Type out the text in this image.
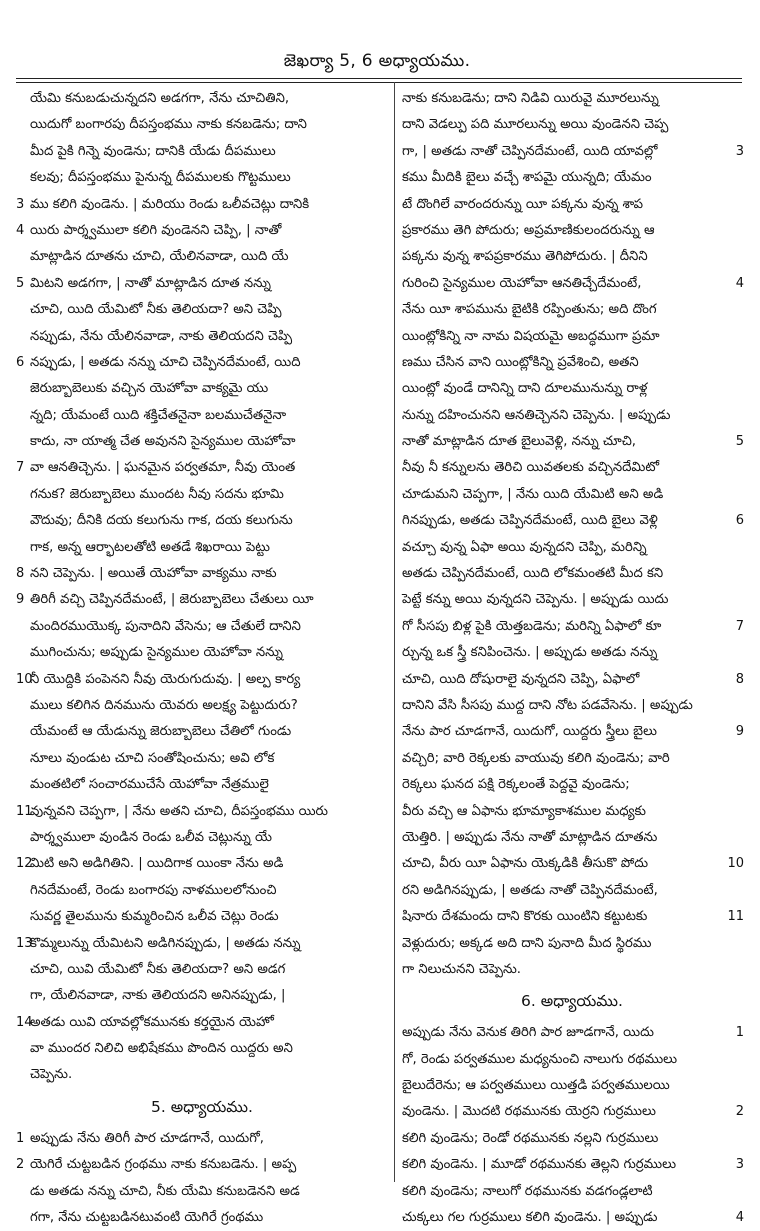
జెఖర్యా 5, 6 అధ్యాయము.
యేమి కనుబడుచున్నదని అడగగా, నేను చూచితిని,
యిదుగో బంగారపు దీపస్తంభము నాకు కనబడెను; దాని
మీద పైకి గిన్నె వుండెను; దానికి యేడు దీపములు
కలవు; దీపస్తంభము పైనున్న దీపములకు గొట్టములు
3 ము కలిగి వుండెను. | మరియు రెండు ఒలీవచెట్లు దానికి
4 యిరు పార్శ్వములా కలిగి వుండెనని చెప్పి, | నాతో
మాట్లాడిన దూతను చూచి, యేలినవాడా, యిది యే
5 మిటని అడగగా, | నాతో మాట్లాడిన దూత నన్ను
చూచి, యిది యేమిటో నీకు తెలియదా? అని చెప్పి
నప్పుడు, నేను యేలినవాడా, నాకు తెలియదని చెప్పి
6 నప్పుడు, | అతడు నన్ను చూచి చెప్పినదేమంటే, యిది
జెరుబ్బాబెలుకు వచ్చిన యెహోవా వాక్యమై యు
న్నది; యేమంటే యిది శక్తిచేతనైనా బలముచేతనైనా
కాదు, నా యాత్మ చేత అవునని సైన్యముల యెహోవా
7 వా ఆనతిచ్చెను. | ఘనమైన పర్వతమా, నీవు యెంత
గనుక? జెరుబ్బాబెలు ముందట నీవు సదను భూమి
వౌదువు; దీనికి దయ కలుగును గాక, దయ కలుగును
గాక, అన్న ఆర్భాటలతోటి అతడే శిఖరాయి పెట్టు
8 నని చెప్పెను. | అయితే యెహోవా వాక్యము నాకు
9 తిరిగీ వచ్చి చెప్పినదేమంటే, | జెరుబ్బాబెలు చేతులు యీ
మందిరముయొక్క పునాదిని వేసెను; ఆ చేతులే దానిని
ముగించును; అప్పుడు సైన్యముల యెహోవా నన్ను
10నీ యొద్దికి పంపెనని నీవు యెరుగుదువు. | అల్ప కార్య
ములు కలిగిన దినమును యెవరు అలక్ష్య పెట్టుదురు?
యేమంటే ఆ యేడున్ను జెరుబ్బాబెలు చేతిలో గుండు
నూలు వుండుట చూచి సంతోషించును; అవి లోక
మంతటిలో సంచారముచేసే యెహోవా నేత్రములై
11వున్నవని చెప్పగా, | నేను అతని చూచి, దీపస్తంభము యిరు
పార్శ్వములా వుండిన రెండు ఒలీవ చెట్లున్ను యే
12మిటి అని అడిగితిని. | యిదిగాక యింకా నేను అడి
గినదేమంటే, రెండు బంగారపు నాళములలోనుంచి
సువర్ణ తైలమును కుమ్మరించిన ఒలీవ చెట్లు రెండు
13కొమ్మలున్ను యేమిటని అడిగినప్పుడు, | అతడు నన్ను
చూచి, యివి యేమిటో నీకు తెలియదా? అని అడగ
గా, యేలినవాడా, నాకు తెలియదని అనినప్పుడు, |
14అతడు యివి యావల్లోకమునకు కర్తయైన యెహో
వా ముందర నిలిచి అభిషేకము పొందిన యిద్దరు అని
చెప్పెను.
5. అధ్యాయము.
1 అప్పుడు నేను తిరిగీ పార చూడగానే, యిదుగో,
2 యెగిరే చుట్టబడిన గ్రంథము నాకు కనుబడెను. | అప్ప
డు అతడు నన్ను చూచి, నీకు యేమి కనుబడెనని అడ
గగా, నేను చుట్టబడినటువంటి యెగిరే గ్రంథము
నాకు కనుబడెను; దాని నిడివి యిరువై మూరలున్ను
దాని వెడల్పు పది మూరలున్ను అయి వుండెనని చెప్ప
గా, | అతడు నాతో చెప్పినదేమంటే, యిది యావల్లో	3
కము మీదికి బైలు వచ్చే శాపమై యున్నది; యేమం
టే దొంగిలే వారందరున్ను యీ పక్కను వున్న శాప
ప్రకారము తెగి పోదురు; అప్రమాణికులందరున్ను ఆ
పక్కను వున్న శాపప్రకారము తెగిపోదురు. | దీనిని
గురించి సైన్యముల యెహోవా ఆనతిచ్చేదేమంటే,	4
నేను యీ శాపమును బైటికి రప్పింతును; అది దొంగ
యింట్లోకిన్ని నా నామ విషయమై అబద్ధముగా ప్రమా
ణము చేసిన వాని యింట్లోకిన్ని ప్రవేశించి, అతని
యింట్లో వుండే దానిన్ని దాని దూలమునున్ను రాళ్ల
నున్ను దహించునని ఆనతిచ్చెనని చెప్పెను. | అప్పుడు
నాతో మాట్లాడిన దూత బైలువెళ్లి, నన్ను చూచి,	5
నీవు నీ కన్నులను తెరిచి యివతలకు వచ్చినదేమిటో
చూడుమని చెప్పగా, | నేను యిది యేమిటి అని అడి
గినప్పుడు, అతడు చెప్పినదేమంటే, యిది బైలు వెళ్లి	6
వచ్చూ వున్న ఏఫా అయి వున్నదని చెప్పి, మరిన్ని
అతడు చెప్పినదేమంటే, యిది లోకమంతటి మీద కని
పెట్టే కన్ను అయి వున్నదని చెప్పెను. | అప్పుడు యిదు
గో సీసపు బిళ్ల పైకి యెత్తబడెను; మరిన్ని ఏఫాలో కూ	7
ర్చున్న ఒక స్త్రీ కనిపించెను. | అప్పుడు అతడు నన్ను
చూచి, యిది దోషురాలై వున్నదని చెప్పి, ఏఫాలో	8
దానిని వేసి సీసపు ముద్ద దాని నోట పడవేసెను. | అప్పుడు
నేను పార చూడగానే, యిదుగో, యిద్దరు స్త్రీలు బైలు	9
వచ్చిరి; వారి రెక్కలకు వాయువు కలిగి వుండెను; వారి
రెక్కలు ఘనద పక్షి రెక్కలంతే పెద్దవై వుండెను;
వీరు వచ్చి ఆ ఏఫాను భూమ్యాకాశముల మధ్యకు
యెత్తిరి. | అప్పుడు నేను నాతో మాట్లాడిన దూతను
చూచి, వీరు యీ ఏఫాను యెక్కడికి తీసుకొ పోదు	10
రని అడిగినప్పుడు, | అతడు నాతో చెప్పినదేమంటే,
షినారు దేశమందు దాని కొరకు యింటిని కట్టుటకు	11
వెళ్లుదురు; అక్కడ అది దాని పునాది మీద స్థిరము
గా నిలుచునని చెప్పెను.
6. అధ్యాయము.
అప్పుడు నేను వెనుక తిరిగి పార జూడగానే, యిదు	1
గో, రెండు పర్వతముల మధ్యనుంచి నాలుగు రథములు
బైలుదేరెను; ఆ పర్వతములు యిత్తడి పర్వతములయి
వుండెను. | మొదటి రథమునకు యెర్రని గుర్రములు	2
కలిగి వుండెను; రెండో రథమునకు నల్లని గుర్రములు
కలిగి వుండెను. | మూడో రథమునకు తెల్లని గుర్రములు	3
కలిగి వుండెను; నాలుగో రథమునకు వడగండ్లలాటి
చుక్కలు గల గుర్రములు కలిగి వుండెను. | అప్పుడు	4
